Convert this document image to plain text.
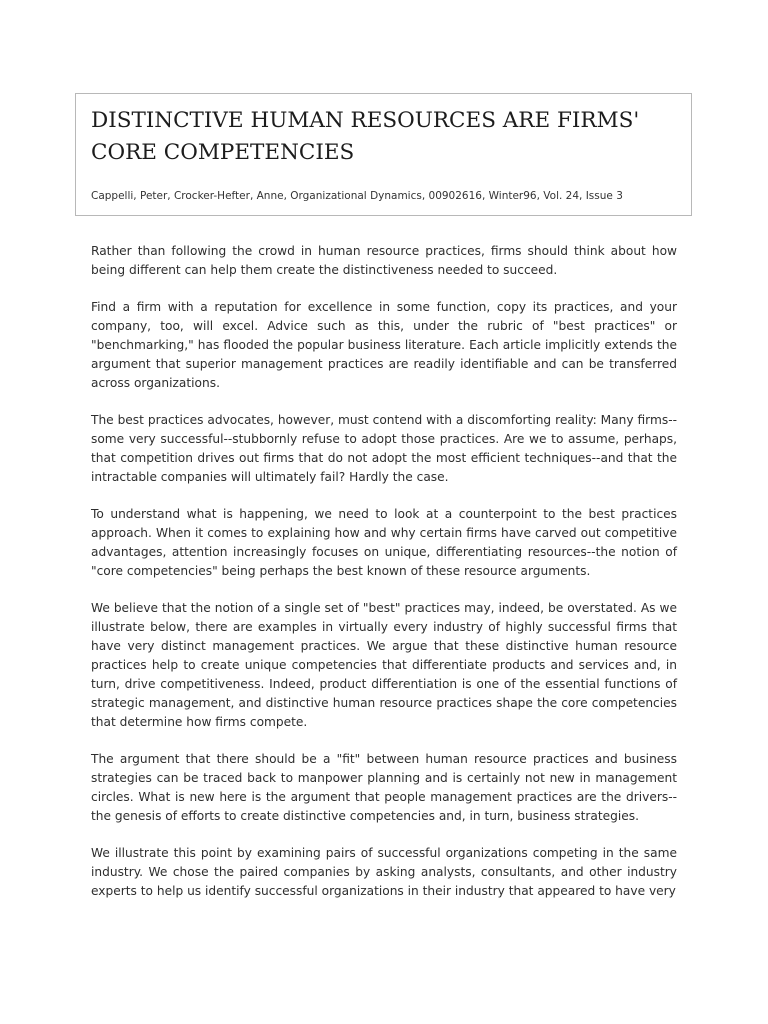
DISTINCTIVE HUMAN RESOURCES ARE FIRMS' CORE COMPETENCIES
Cappelli, Peter, Crocker-Hefter, Anne, Organizational Dynamics, 00902616, Winter96, Vol. 24, Issue 3

Rather than following the crowd in human resource practices, firms should think about how being different can help them create the distinctiveness needed to succeed.

Find a firm with a reputation for excellence in some function, copy its practices, and your company, too, will excel. Advice such as this, under the rubric of "best practices" or "benchmarking," has flooded the popular business literature. Each article implicitly extends the argument that superior management practices are readily identifiable and can be transferred across organizations.

The best practices advocates, however, must contend with a discomforting reality: Many firms--some very successful--stubbornly refuse to adopt those practices. Are we to assume, perhaps, that competition drives out firms that do not adopt the most efficient techniques--and that the intractable companies will ultimately fail? Hardly the case.

To understand what is happening, we need to look at a counterpoint to the best practices approach. When it comes to explaining how and why certain firms have carved out competitive advantages, attention increasingly focuses on unique, differentiating resources--the notion of "core competencies" being perhaps the best known of these resource arguments.

We believe that the notion of a single set of "best" practices may, indeed, be overstated. As we illustrate below, there are examples in virtually every industry of highly successful firms that have very distinct management practices. We argue that these distinctive human resource practices help to create unique competencies that differentiate products and services and, in turn, drive competitiveness. Indeed, product differentiation is one of the essential functions of strategic management, and distinctive human resource practices shape the core competencies that determine how firms compete.

The argument that there should be a "fit" between human resource practices and business strategies can be traced back to manpower planning and is certainly not new in management circles. What is new here is the argument that people management practices are the drivers--the genesis of efforts to create distinctive competencies and, in turn, business strategies.

We illustrate this point by examining pairs of successful organizations competing in the same industry. We chose the paired companies by asking analysts, consultants, and other industry experts to help us identify successful organizations in their industry that appeared to have very
